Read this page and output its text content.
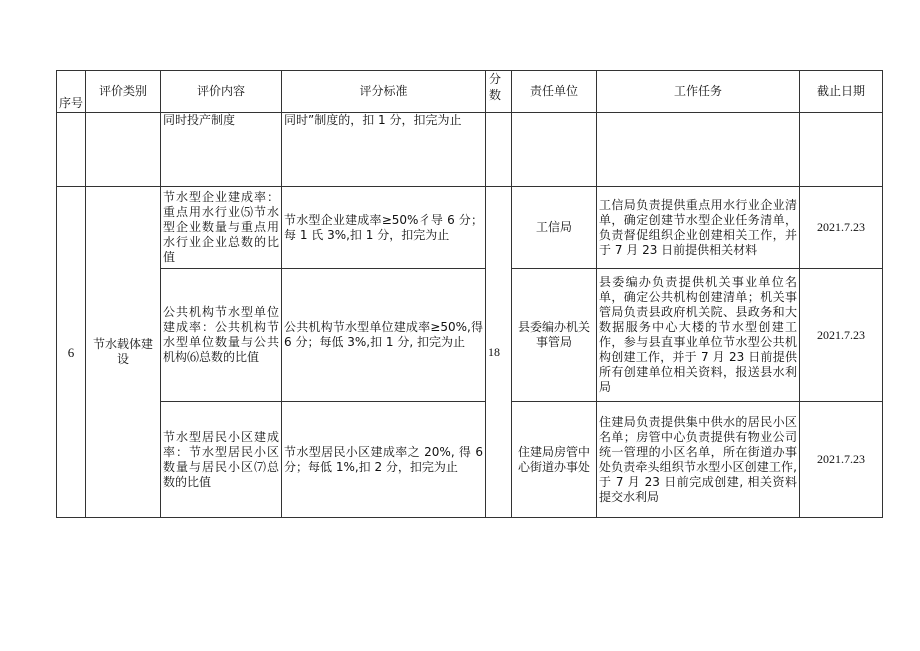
序号	评价类别	评价内容	评分标准	分数	责任单位	工作任务	截止日期
		同时投产制度	同时”制度的，扣 1 分，扣完为止				
6	节水载体建设	节水型企业建成率：重点用水行业⑸节水型企业数量与重点用水行业企业总数的比值	节水型企业建成率≥50%彳导 6 分；每 1 氏 3%,扣 1 分，扣完为止	18	工信局	工信局负责提供重点用水行业企业清单，确定创建节水型企业任务清单，负责督促组织企业创建相关工作，并于 7 月 23 日前提供相关材料	2021.7.23
		公共机构节水型单位建成率：公共机构节水型单位数量与公共机构⑹总数的比值	公共机构节水型单位建成率≥50%,得 6 分；每低 3%,扣 1 分, 扣完为止		县委编办机关事管局	县委编办负责提供机关事业单位名单，确定公共机构创建清单；机关事管局负责县政府机关院、县政务和大数据服务中心大楼的节水型创建工作，参与县直事业单位节水型公共机构创建工作，并于 7 月 23 日前提供所有创建单位相关资料，报送县水利局	2021.7.23
		节水型居民小区建成率：节水型居民小区数量与居民小区⑺总数的比值	节水型居民小区建成率之 20%, 得 6 分；每低 1%,扣 2 分，扣完为止		住建局房管中心街道办事处	住建局负责提供集中供水的居民小区名单；房管中心负责提供有物业公司统一管理的小区名单，所在街道办事处负责牵头组织节水型小区创建工作, 于 7 月 23 日前完成创建, 相关资料提交水利局	2021.7.23
